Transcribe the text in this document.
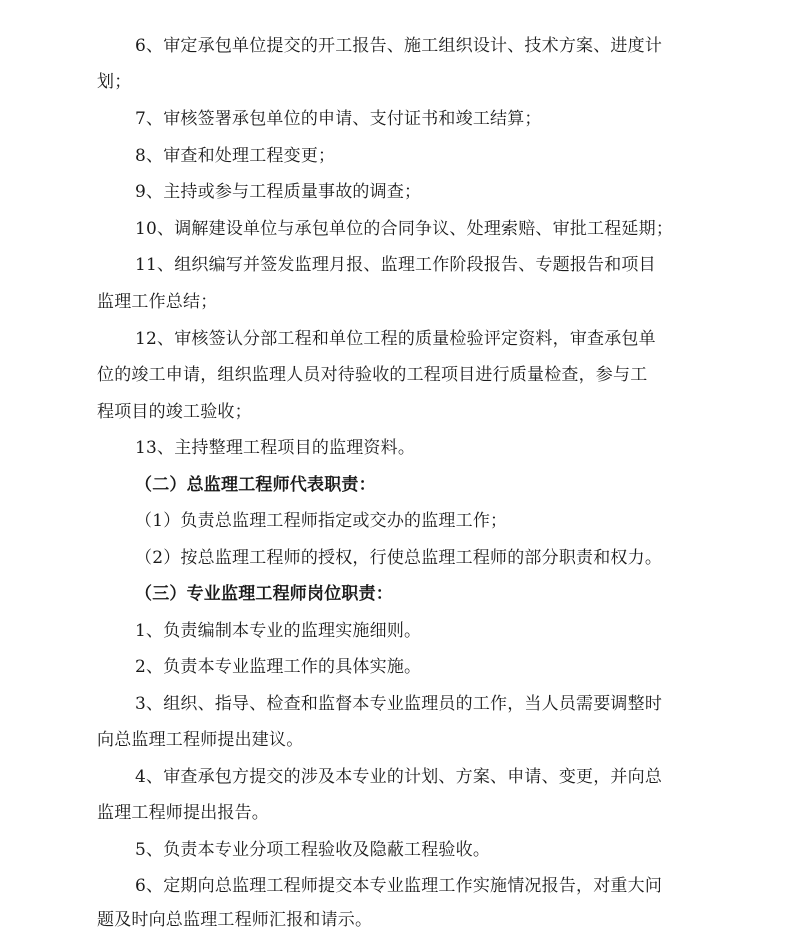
6、审定承包单位提交的开工报告、施工组织设计、技术方案、进度计
划；
7、审核签署承包单位的申请、支付证书和竣工结算；
8、审查和处理工程变更；
9、主持或参与工程质量事故的调查；
10、调解建设单位与承包单位的合同争议、处理索赔、审批工程延期；
11、组织编写并签发监理月报、监理工作阶段报告、专题报告和项目
监理工作总结；
12、审核签认分部工程和单位工程的质量检验评定资料，审查承包单
位的竣工申请，组织监理人员对待验收的工程项目进行质量检查，参与工
程项目的竣工验收；
13、主持整理工程项目的监理资料。
（二）总监理工程师代表职责：
（1）负责总监理工程师指定或交办的监理工作；
（2）按总监理工程师的授权，行使总监理工程师的部分职责和权力。
（三）专业监理工程师岗位职责：
1、负责编制本专业的监理实施细则。
2、负责本专业监理工作的具体实施。
3、组织、指导、检查和监督本专业监理员的工作，当人员需要调整时
向总监理工程师提出建议。
4、审查承包方提交的涉及本专业的计划、方案、申请、变更，并向总
监理工程师提出报告。
5、负责本专业分项工程验收及隐蔽工程验收。
6、定期向总监理工程师提交本专业监理工作实施情况报告，对重大问
题及时向总监理工程师汇报和请示。
